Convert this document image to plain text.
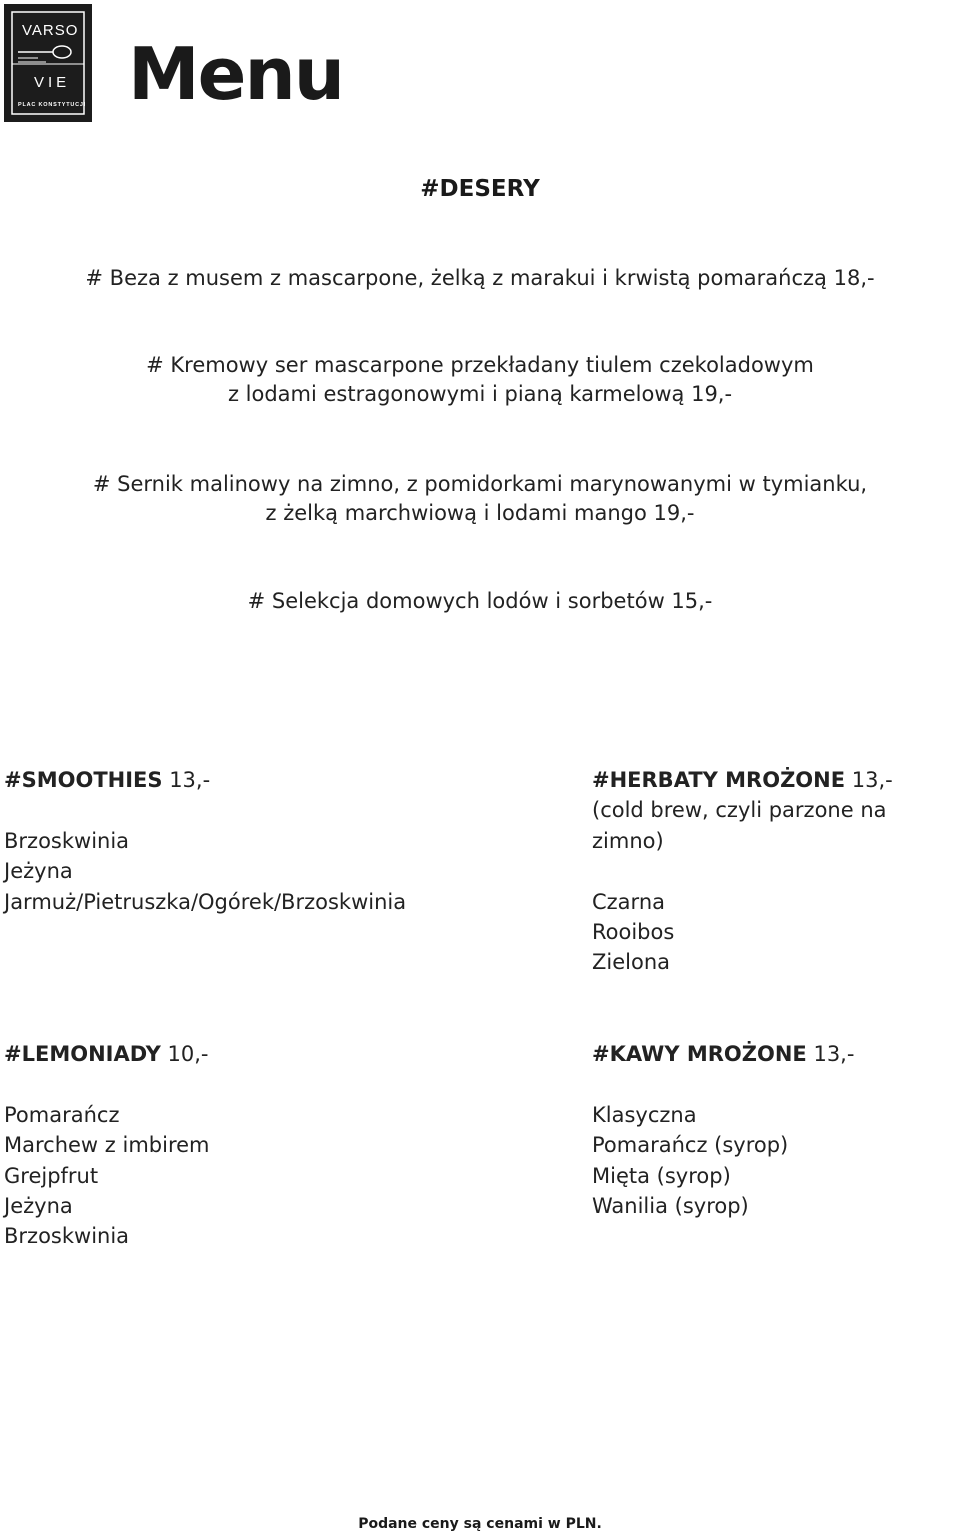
VARSO
VIE
PLAC KONSTYTUCJI Menu
#DESERY
# Beza z musem z mascarpone, żelką z marakui i krwistą pomarańczą 18,-
# Kremowy ser mascarpone przekładany tiulem czekoladowym
z lodami estragonowymi i pianą karmelową 19,-
# Sernik malinowy na zimno, z pomidorkami marynowanymi w tymianku,
z żelką marchwiową i lodami mango 19,-
# Selekcja domowych lodów i sorbetów 15,-
#SMOOTHIES 13,-

Brzoskwinia
Jeżyna
Jarmuż/Pietruszka/Ogórek/Brzoskwinia
#HERBATY MROŻONE 13,-
(cold brew, czyli parzone na zimno)

Czarna
Rooibos
Zielona
#LEMONIADY 10,-

Pomarańcz
Marchew z imbirem
Grejpfrut
Jeżyna
Brzoskwinia
#KAWY MROŻONE 13,-

Klasyczna
Pomarańcz (syrop)
Mięta (syrop)
Wanilia (syrop)
Podane ceny są cenami w PLN.
